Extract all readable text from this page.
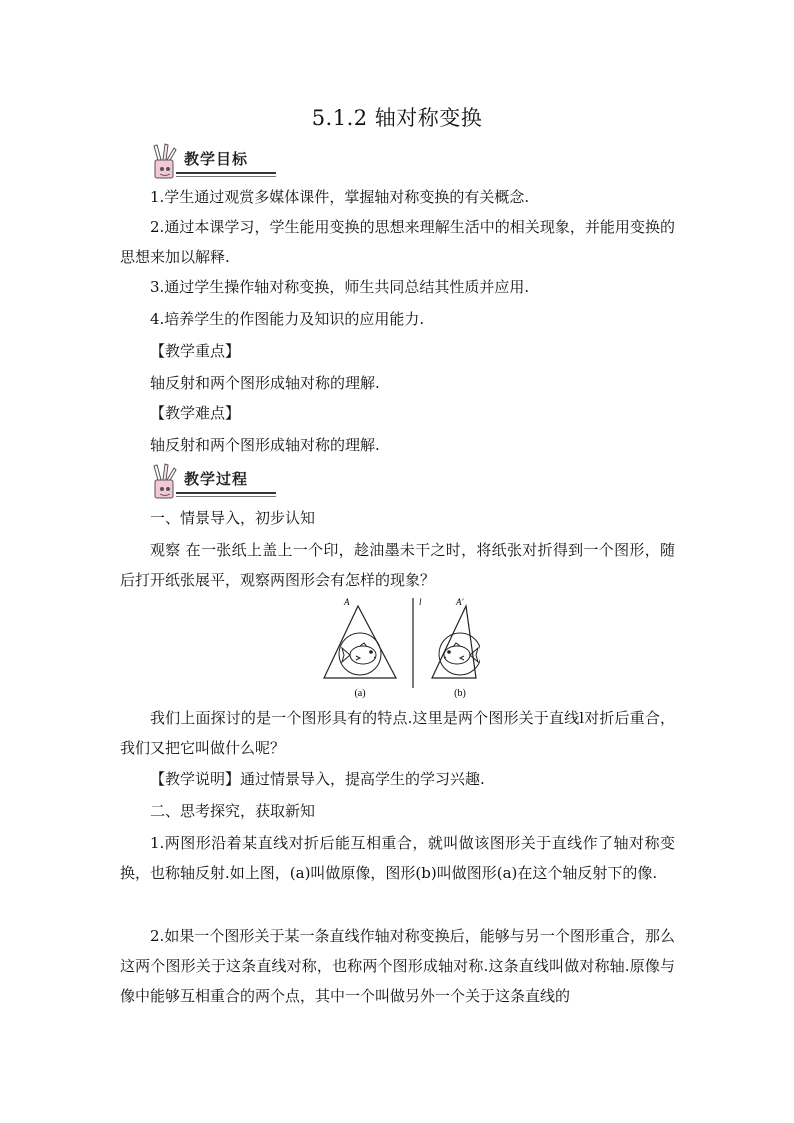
5.1.2 轴对称变换
教学目标

1.学生通过观赏多媒体课件，掌握轴对称变换的有关概念.

2.通过本课学习，学生能用变换的思想来理解生活中的相关现象，并能用变换的思想来加以解释.

3.通过学生操作轴对称变换，师生共同总结其性质并应用.

4.培养学生的作图能力及知识的应用能力.

【教学重点】

轴反射和两个图形成轴对称的理解.

【教学难点】

轴反射和两个图形成轴对称的理解.

教学过程

一、情景导入，初步认知

观察 在一张纸上盖上一个印，趁油墨未干之时，将纸张对折得到一个图形，随后打开纸张展平，观察两图形会有怎样的现象？

A	l	A′
(a)	(b)

我们上面探讨的是一个图形具有的特点.这里是两个图形关于直线l对折后重合，我们又把它叫做什么呢？

【教学说明】通过情景导入，提高学生的学习兴趣.

二、思考探究，获取新知

1.两图形沿着某直线对折后能互相重合，就叫做该图形关于直线作了轴对称变换，也称轴反射.如上图，(a)叫做原像，图形(b)叫做图形(a)在这个轴反射下的像.

2.如果一个图形关于某一条直线作轴对称变换后，能够与另一个图形重合，那么这两个图形关于这条直线对称，也称两个图形成轴对称.这条直线叫做对称轴.原像与像中能够互相重合的两个点，其中一个叫做另外一个关于这条直线的
